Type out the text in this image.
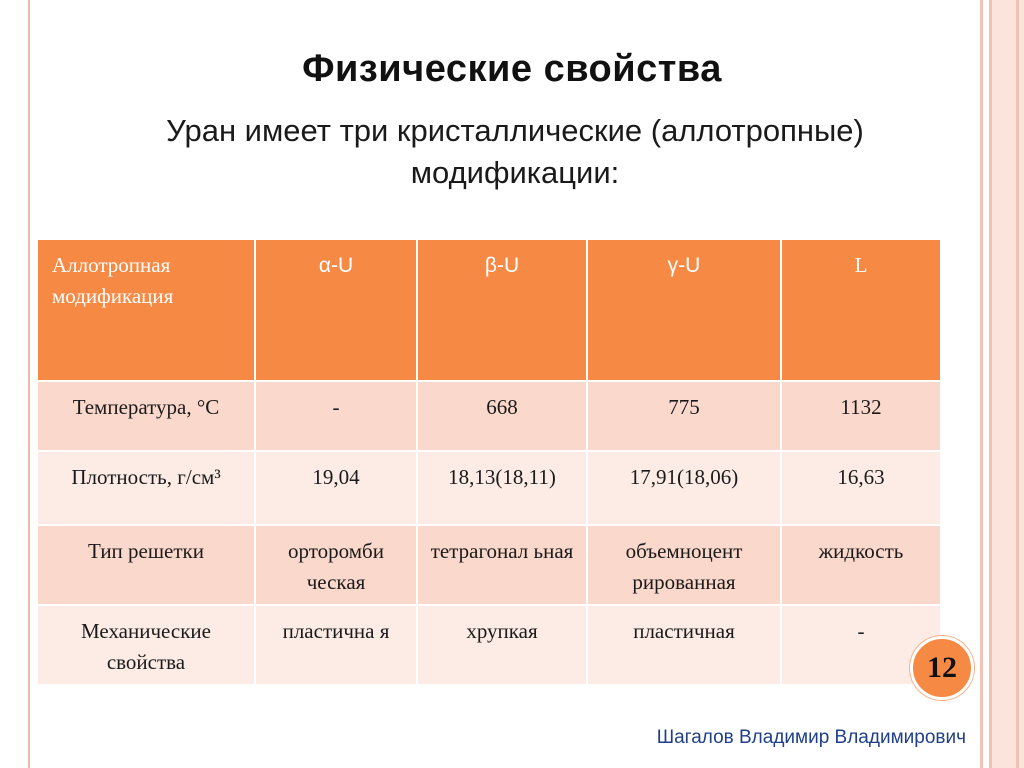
Физические свойства
Уран имеет три кристаллические (аллотропные) модификации:
Аллотропная модификация	α-U	β-U	γ-U	L
Температура, °С	-	668	775	1132
Плотность, г/см³	19,04	18,13(18,11)	17,91(18,06)	16,63
Тип решетки	орторомби ческая	тетрагонал ьная	объемноцент рированная	жидкость
Механические свойства	пластична я	хрупкая	пластичная	-
12
Шагалов Владимир Владимирович
